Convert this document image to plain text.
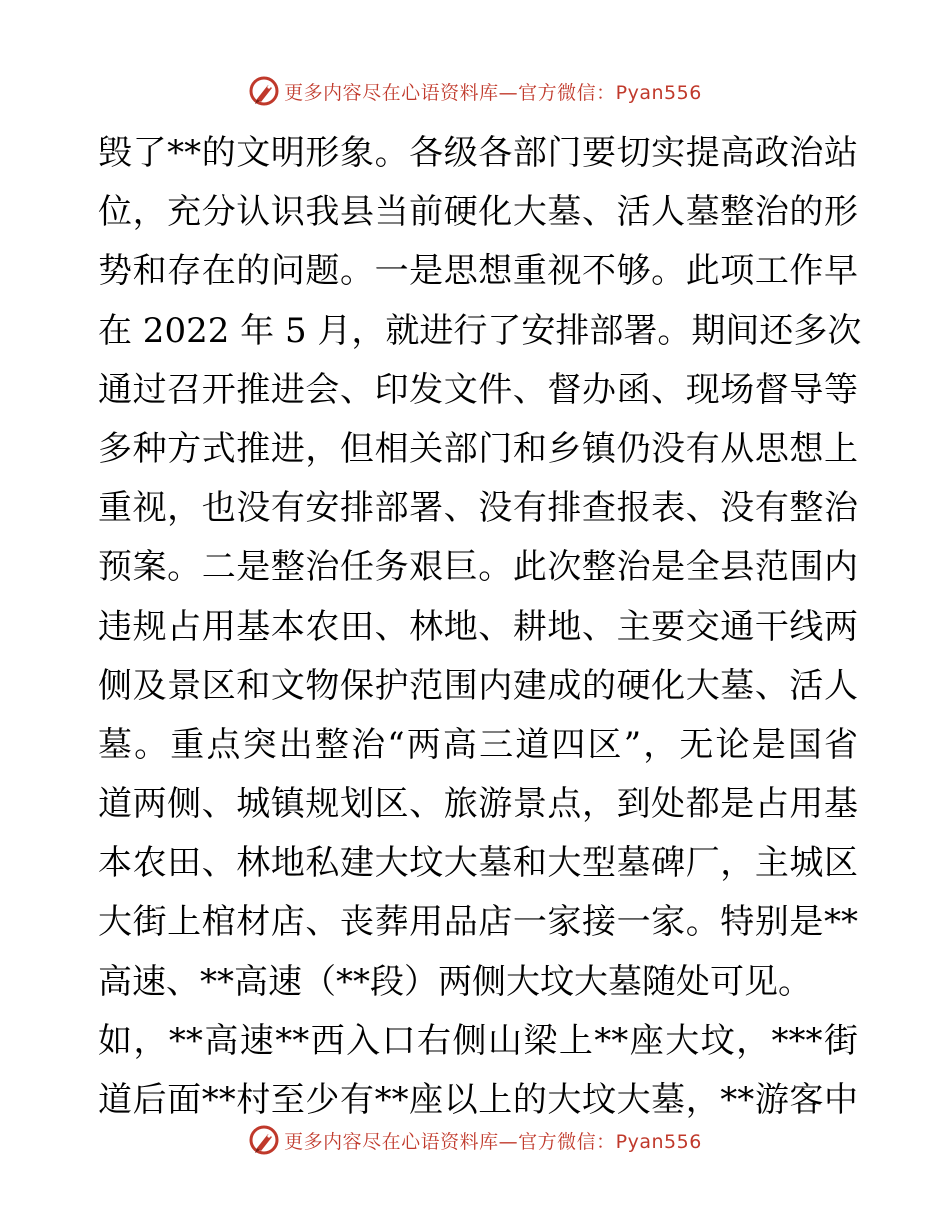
更多内容尽在心语资料库—官方微信：Pyan556
毁了**的文明形象。各级各部门要切实提高政治站
位，充分认识我县当前硬化大墓、活人墓整治的形
势和存在的问题。一是思想重视不够。此项工作早
在 2022 年 5 月，就进行了安排部署。期间还多次
通过召开推进会、印发文件、督办函、现场督导等
多种方式推进，但相关部门和乡镇仍没有从思想上
重视，也没有安排部署、没有排查报表、没有整治
预案。二是整治任务艰巨。此次整治是全县范围内
违规占用基本农田、林地、耕地、主要交通干线两
侧及景区和文物保护范围内建成的硬化大墓、活人
墓。重点突出整治“两高三道四区”，无论是国省
道两侧、城镇规划区、旅游景点，到处都是占用基
本农田、林地私建大坟大墓和大型墓碑厂，主城区
大街上棺材店、丧葬用品店一家接一家。特别是**
高速、**高速（**段）两侧大坟大墓随处可见。
如，**高速**西入口右侧山梁上**座大坟，***街
道后面**村至少有**座以上的大坟大墓，**游客中
更多内容尽在心语资料库—官方微信：Pyan556
